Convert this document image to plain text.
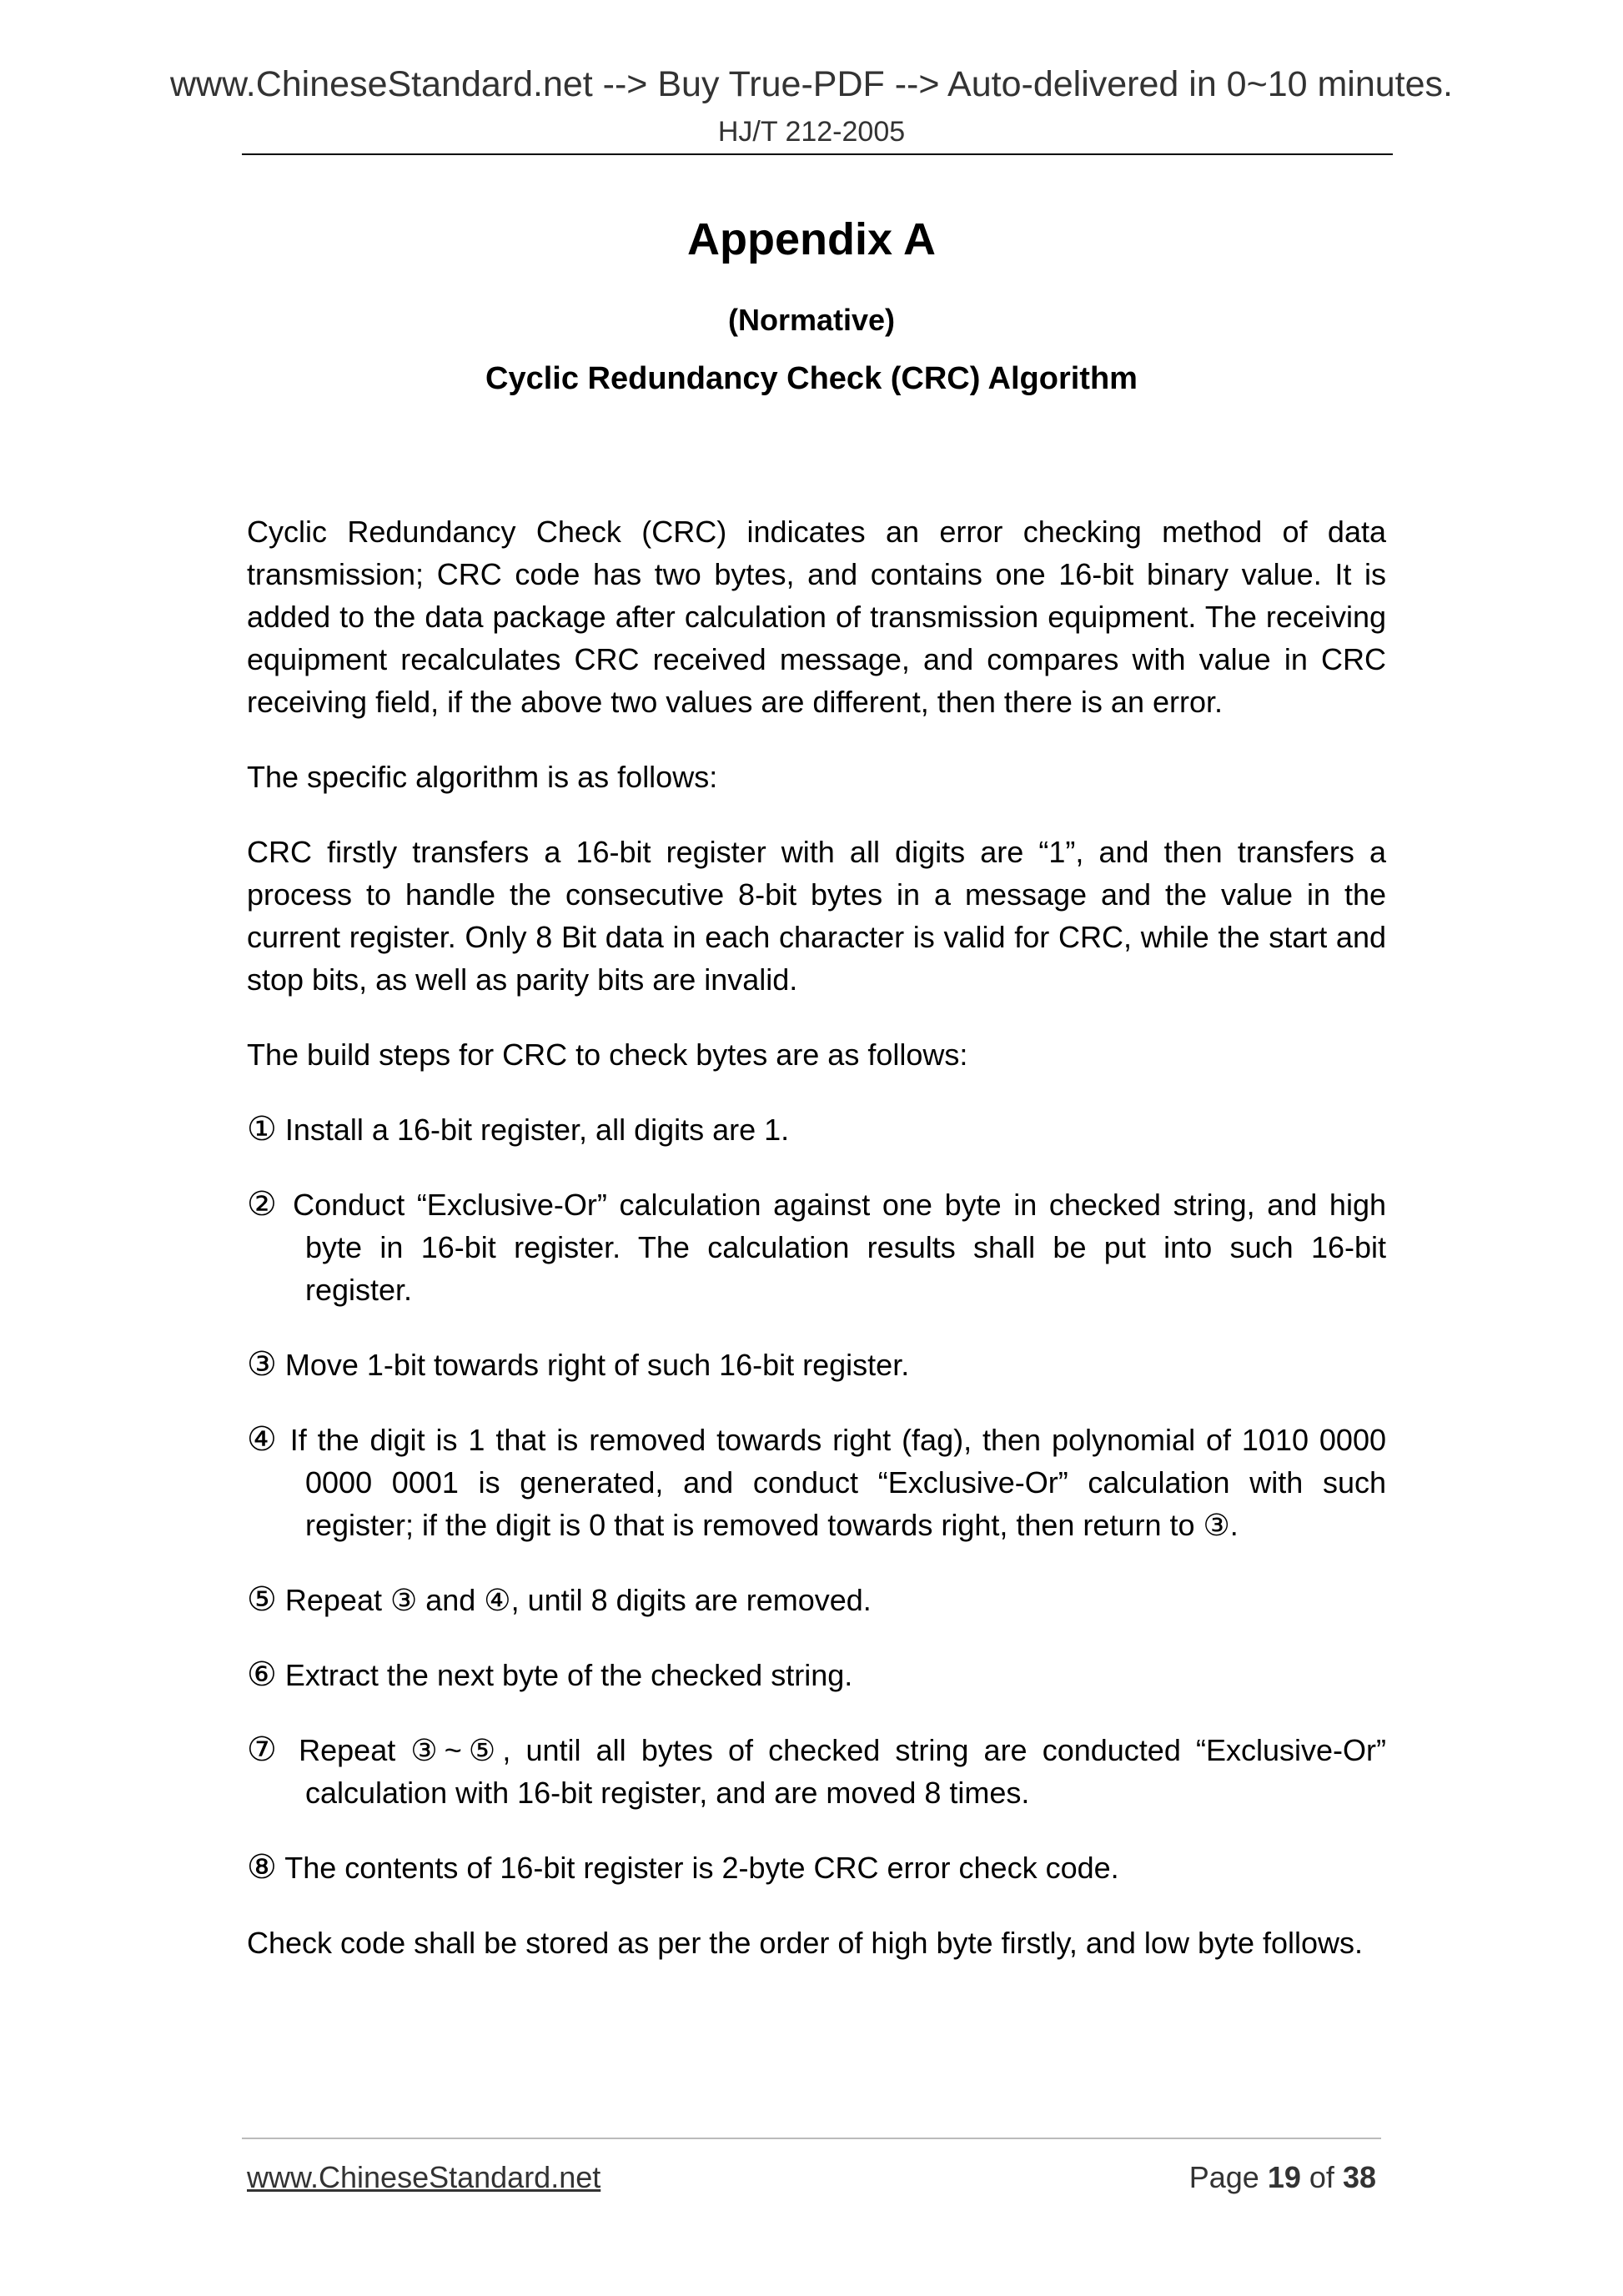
www.ChineseStandard.net --> Buy True-PDF --> Auto-delivered in 0~10 minutes.
HJ/T 212-2005
Appendix A
(Normative)
Cyclic Redundancy Check (CRC) Algorithm

Cyclic Redundancy Check (CRC) indicates an error checking method of data transmission; CRC code has two bytes, and contains one 16-bit binary value. It is added to the data package after calculation of transmission equipment. The receiving equipment recalculates CRC received message, and compares with value in CRC receiving field, if the above two values are different, then there is an error.

The specific algorithm is as follows:

CRC firstly transfers a 16-bit register with all digits are “1”, and then transfers a process to handle the consecutive 8-bit bytes in a message and the value in the current register. Only 8 Bit data in each character is valid for CRC, while the start and stop bits, as well as parity bits are invalid.

The build steps for CRC to check bytes are as follows:

① Install a 16-bit register, all digits are 1.
② Conduct “Exclusive-Or” calculation against one byte in checked string, and high byte in 16-bit register. The calculation results shall be put into such 16-bit register.
③ Move 1-bit towards right of such 16-bit register.
④ If the digit is 1 that is removed towards right (fag), then polynomial of 1010 0000 0000 0001 is generated, and conduct “Exclusive-Or” calculation with such register; if the digit is 0 that is removed towards right, then return to ③.
⑤ Repeat ③ and ④, until 8 digits are removed.
⑥ Extract the next byte of the checked string.
⑦ Repeat ③~⑤, until all bytes of checked string are conducted “Exclusive-Or” calculation with 16-bit register, and are moved 8 times.
⑧ The contents of 16-bit register is 2-byte CRC error check code.

Check code shall be stored as per the order of high byte firstly, and low byte follows.

www.ChineseStandard.net	Page 19 of 38
